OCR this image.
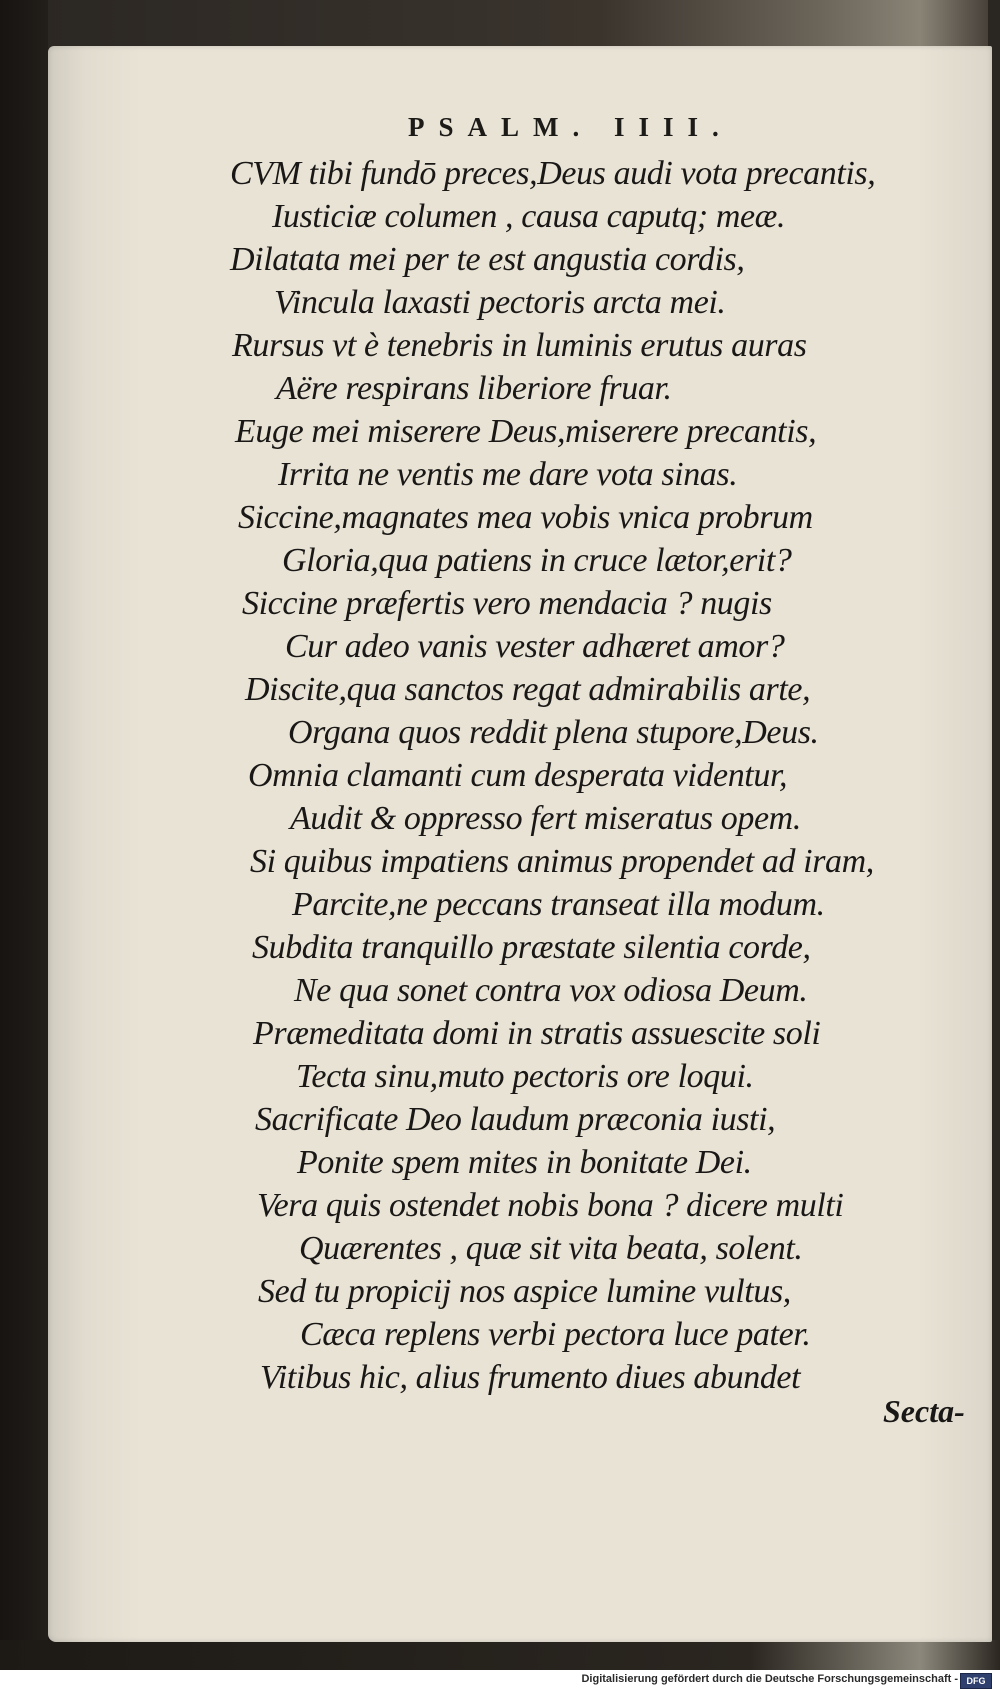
PSALM. IIII.
CVM tibi fundō preces,Deus audi vota precantis,
Iusticiæ columen , causa caputq; meæ.
Dilatata mei per te est angustia cordis,
Vincula laxasti pectoris arcta mei.
Rursus vt è tenebris in luminis erutus auras
Aëre respirans liberiore fruar.
Euge mei miserere Deus,miserere precantis,
Irrita ne ventis me dare vota sinas.
Siccine,magnates mea vobis vnica probrum
Gloria,qua patiens in cruce lætor,erit?
Siccine præfertis vero mendacia ? nugis
Cur adeo vanis vester adhæret amor?
Discite,qua sanctos regat admirabilis arte,
Organa quos reddit plena stupore,Deus.
Omnia clamanti cum desperata videntur,
Audit & oppresso fert miseratus opem.
Si quibus impatiens animus propendet ad iram,
Parcite,ne peccans transeat illa modum.
Subdita tranquillo præstate silentia corde,
Ne qua sonet contra vox odiosa Deum.
Præmeditata domi in stratis assuescite soli
Tecta sinu,muto pectoris ore loqui.
Sacrificate Deo laudum præconia iusti,
Ponite spem mites in bonitate Dei.
Vera quis ostendet nobis bona ? dicere multi
Quærentes , quæ sit vita beata, solent.
Sed tu propicij nos aspice lumine vultus,
Cæca replens verbi pectora luce pater.
Vitibus hic, alius frumento diues abundet
Secta-
Digitalisierung gefördert durch die Deutsche Forschungsgemeinschaft - DFG
